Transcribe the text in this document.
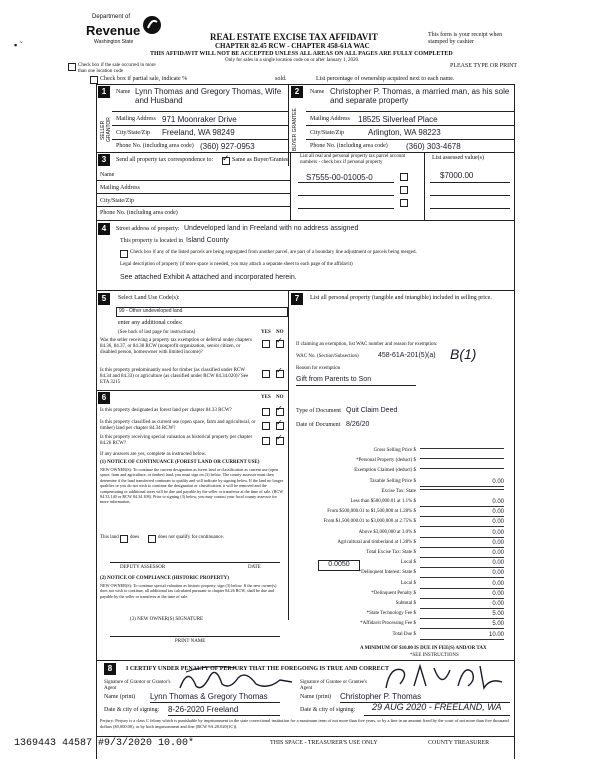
Department of
Revenue
Washington State
▪ ˜
REAL ESTATE EXCISE TAX AFFIDAVIT
CHAPTER 82.45 RCW - CHAPTER 458-61A WAC
THIS AFFIDAVIT WILL NOT BE ACCEPTED UNLESS ALL AREAS ON ALL PAGES ARE FULLY COMPLETED
Only for sales in a single location code on or after January 1, 2020.
This form is your receipt when stamped by cashier
PLEASE TYPE OR PRINT
Check box if the sale occurred in more than one location code
Check box if partial sale, indicate %	sold.	List percentage of ownership acquired next to each name.
1
SELLER GRANTOR
Name Lynn Thomas and Gregory Thomas, Wife and Husband
Mailing Address 971 Moonraker Drive
City/State/Zip Freeland, WA 98249
Phone No. (including area code) (360) 927-0953
2
BUYER GRANTEE
Name Christopher P. Thomas, a married man, as his sole and separate property
Mailing Address 18525 Silverleaf Place
City/State/Zip	Arlington, WA 98223
Phone No. (including area code) (360) 303-4678
3	Send all property tax correspondence to: ✓ Same as Buyer/Grantee
List all real and personal property tax parcel account numbers - check box if personal property
List assessed value(s)
Name
Mailing Address
City/State/Zip
Phone No. (including area code)
S7555-00-01005-0	$7000.00
4	Street address of property: Undeveloped land in Freeland with no address assigned
This property is located in Island County
Check box if any of the listed parcels are being segregated from another parcel, are part of a boundary line adjustment or parcels being merged.
Legal description of property (if more space is needed, you may attach a separate sheet to each page of the affidavit)
See attached Exhibit A attached and incorporated herein.
5	Select Land Use Code(s):
99 - Other undeveloped land
enter any additional codes:
(See back of last page for instructions)	YES NO
Was the seller receiving a property tax exemption or deferral under chapters 84.36, 84.37, or 84.38 RCW (nonprofit organization, senior citizen, or disabled person, homeowner with limited income)?
✓
Is this property predominantly used for timber (as classified under RCW 84.34 and 84.33) or agriculture (as classified under RCW 84.34.020)? See ETA 3215
✓
6	YES NO
Is this property designated as forest land per chapter 84.33 RCW?	✓
Is this property classified as current use (open space, farm and agricultural, or timber) land per chapter 84.34 RCW?
✓
Is this property receiving special valuation as historical property per chapter 84.26 RCW?
✓
If any answers are yes, complete as instructed below.
(1) NOTICE OF CONTINUANCE (FOREST LAND OR CURRENT USE)
NEW OWNER(S): To continue the current designation as forest land or classification as current use (open space, farm and agriculture, or timber) land, you must sign on (3) below. The county assessor must then determine if the land transferred continues to qualify and will indicate by signing below. If the land no longer qualifies or you do not wish to continue the designation or classification, it will be removed and the compensating or additional taxes will be due and payable by the seller or transferor at the time of sale. (RCW 84.33.140 or RCW 84.34.108). Prior to signing (3) below, you may contact your local county assessor for more information.
This land does	does not qualify for continuance.
DEPUTY ASSESSOR	DATE
(2) NOTICE OF COMPLIANCE (HISTORIC PROPERTY)
NEW OWNER(S): To continue special valuation as historic property, sign (3) below. If the new owner(s) does not wish to continue, all additional tax calculated pursuant to chapter 84.26 RCW, shall be due and payable by the seller or transferor at the time of sale.
(3) NEW OWNER(S) SIGNATURE
PRINT NAME
7	List all personal property (tangible and intangible) included in selling price.
If claiming an exemption, list WAC number and reason for exemption:
WAC No. (Section/Subsection)	458-61A-201(5)(a) B(1)
Reason for exemption
Gift from Parents to Son
Type of Document Quit Claim Deed
Date of Document 8/26/20
Gross Selling Price $
*Personal Property (deduct) $
Exemption Claimed (deduct) $
Taxable Selling Price $	0.00
Excise Tax: State
Less than $500,000.01 at 1.1% $	0.00
From $500,000.01 to $1,500,000 at 1.28% $	0.00
From $1,500,000.01 to $3,000,000 at 2.75% $	0.00
Above $3,000,000 at 3.0% $	0.00
Agricultural and timberland at 1.28% $	0.00
Total Excise Tax: State $	0.00
Local $	0.00
*Delinquent Interest: State $	0.00
Local $	0.00
*Delinquent Penalty $	0.00
Subtotal $	0.00
*State Technology Fee $	5.00
*Affidavit Processing Fee $	5.00
Total Due $	10.00
0.0050
A MINIMUM OF $10.00 IS DUE IN FEE(S) AND/OR TAX
*SEE INSTRUCTIONS
8	I CERTIFY UNDER PENALTY OF PERJURY THAT THE FOREGOING IS TRUE AND CORRECT
Signature of Grantor or Grantor's Agent
Signature of Grantee or Grantee's Agent
Name (print) Lynn Thomas & Gregory Thomas	Name (print) Christopher P. Thomas
Date & city of signing: 8-26-2020 Freeland	Date & city of signing: 29 AUG 2020 - FREELAND, WA
Perjury: Perjury is a class C felony which is punishable by imprisonment in the state correctional institution for a maximum term of not more than five years, or by a fine in an amount fixed by the court of not more than five thousand dollars ($5,000.00), or by both imprisonment and fine (RCW 9A.20.020(1C)).
THIS SPACE - TREASURER'S USE ONLY	COUNTY TREASURER
1369443 44587 #9/3/2020 10.00*
